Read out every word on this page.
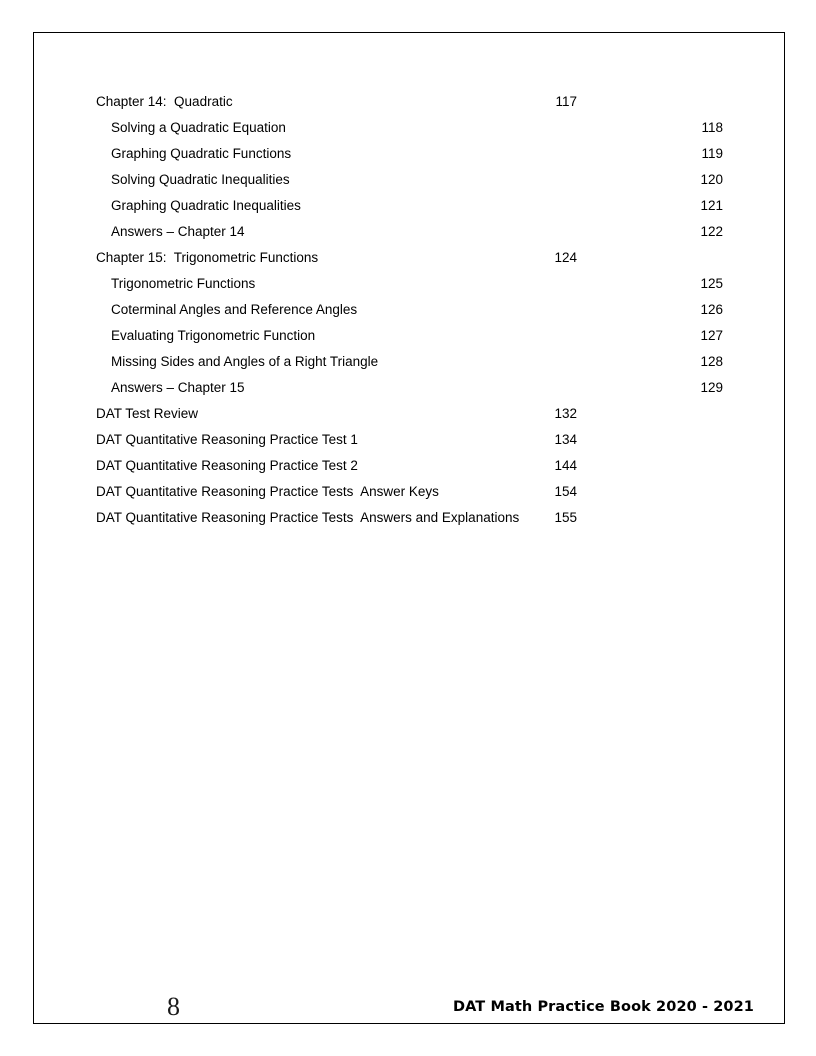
Chapter 14:  Quadratic .....	117
Solving a Quadratic Equation .....	118
Graphing Quadratic Functions .....	119
Solving Quadratic Inequalities .....	120
Graphing Quadratic Inequalities .....	121
Answers – Chapter 14 .....	122
Chapter 15:  Trigonometric Functions .....	124
Trigonometric Functions .....	125
Coterminal Angles and Reference Angles .....	126
Evaluating Trigonometric Function .....	127
Missing Sides and Angles of a Right Triangle .....	128
Answers – Chapter 15 .....	129
DAT Test Review .....	132
DAT Quantitative Reasoning Practice Test 1 .....	134
DAT Quantitative Reasoning Practice Test 2 .....	144
DAT Quantitative Reasoning Practice Tests  Answer Keys .....	154
DAT Quantitative Reasoning Practice Tests  Answers and Explanations .....	155
8	DAT Math Practice Book 2020 - 2021
